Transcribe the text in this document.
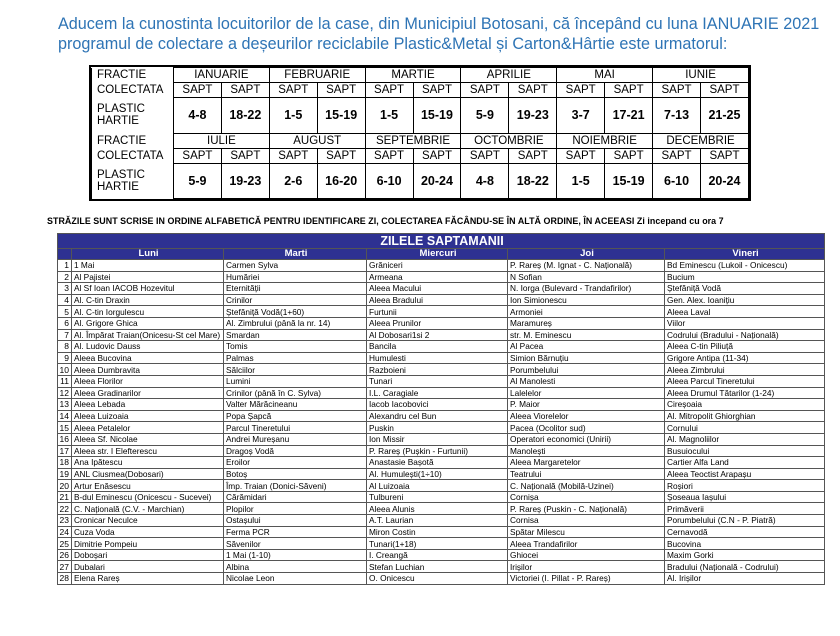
Aducem la cunostinta locuitorilor de la case, din Municipiul Botosani, că începând cu luna IANUARIE 2021

programul de colectare a deșeurilor reciclabile Plastic&Metal și Carton&Hârtie este urmatorul:

FRACTIE	IANUARIE		FEBRUARIE		MARTIE		APRILIE		MAI		IUNIE	
COLECTATA	SAPT	SAPT	SAPT	SAPT	SAPT	SAPT	SAPT	SAPT	SAPT	SAPT	SAPT	SAPT

PLASTIC
HARTIE	4-8	18-22	1-5	15-19	1-5	15-19	5-9	19-23	3-7	17-21	7-13	21-25
FRACTIE	IULIE		AUGUST		SEPTEMBRIE		OCTOMBRIE		NOIEMBRIE		DECEMBRIE	
COLECTATA	SAPT	SAPT	SAPT	SAPT	SAPT	SAPT	SAPT	SAPT	SAPT	SAPT	SAPT	SAPT

PLASTIC
HARTIE	5-9	19-23	2-6	16-20	6-10	20-24	4-8	18-22	1-5	15-19	6-10	20-24
STRĂZILE SUNT SCRISE IN ORDINE ALFABETICĂ PENTRU IDENTIFICARE ZI, COLECTAREA FĂCÂNDU-SE ÎN ALTĂ ORDINE, ÎN ACEEASI Zi incepand cu ora 7
ZILELE SAPTAMANII					
	Luni	Marti	Miercuri	Joi	Vineri
1	1 Mai	Carmen Sylva	Grăniceri	P. Rareș (M. Ignat - C. Națională)	Bd Eminescu (Lukoil - Onicescu)
2	Al Pajistei	Humăriei	Armeana	N Sofian	Bucium
3	Al Sf Ioan IACOB Hozevitul	Eternității	Aleea Macului	N. Iorga (Bulevard - Trandafirilor)	Ștefăniță Vodă
4	Al. C-tin Draxin	Crinilor	Aleea Bradului	Ion Simionescu	Gen. Alex. Ioanițiu
5	Al. C-tin Iorgulescu	Ștefăniță Vodă(1+60)	Furtunii	Armoniei	Aleea Laval
6	Al. Grigore Ghica	Al. Zimbrului (până la nr. 14)	Aleea Prunilor	Maramureș	Viilor
7	Al. Împărat Traian(Onicesu-St cel Mare)	Smardan	Al Dobosari1si 2	str. M. Eminescu	Codrului (Bradului - Națională)
8	Al. Ludovic Dauss	Tomis	Bancila	Al Pacea	Aleea C-tin Piliuță
9	Aleea Bucovina	Palmas	Humulesti	Simion Bărnuțiu	Grigore Antipa (11-34)
10	Aleea Dumbravita	Sălciilor	Razboieni	Porumbelului	Aleea Zimbrului
11	Aleea Florilor	Lumini	Tunari	Al Manolesti	Aleea Parcul Tineretului
12	Aleea Gradinarilor	Crinilor (până în C. Sylva)	I.L. Caragiale	Lalelelor	Aleea Drumul Tătarilor (1-24)
13	Aleea Lebada	Valter Mărăcineanu	Iacob Iacobovici	P. Maior	Cireșoaia
14	Aleea Luizoaia	Popa Șapcă	Alexandru cel Bun	Aleea Viorelelor	Al. Mitropolit Ghiorghian
15	Aleea Petalelor	Parcul Tineretului	Puskin	Pacea (Ocolitor sud)	Cornului
16	Aleea Sf. Nicolae	Andrei Mureșanu	Ion Missir	Operatori economici (Unirii)	Al. Magnoliilor
17	Aleea str. I Elefterescu	Dragoș Vodă	P. Rareș (Pușkin - Furtunii)	Manolești	Busuiocului
18	Ana Ipătescu	Eroilor	Anastasie Bașotă	Aleea Margaretelor	Cartier Alfa Land
19	ANL Ciusmea(Dobosari)	Botoș	Al. Humulești(1÷10)	Teatrului	Aleea Teoctist Arapașu
20	Artur Enăsescu	Împ. Traian (Donici-Săveni)	Al Luizoaia	C. Națională (Mobilă-Uzinei)	Roșiori
21	B-dul Eminescu (Onicescu - Sucevei)	Cărămidari	Tulbureni	Cornișa	Șoseaua Iașului
22	C. Națională (C.V. - Marchian)	Plopilor	Aleea Alunis	P. Rareș (Puskin - C. Națională)	Primăverii
23	Cronicar Neculce	Ostașului	A.T. Laurian	Cornisa	Porumbelului (C.N - P. Piatră)
24	Cuza Voda	Ferma PCR	Miron Costin	Spătar Milescu	Cernavodă
25	Dimitrie Pompeiu	Săvenilor	Tunari(1+18)	Aleea Trandafirilor	Bucovina
26	Doboșari	1 Mai (1-10)	I. Creangă	Ghiocei	Maxim Gorki
27	Dubalari	Albina	Stefan Luchian	Irișilor	Bradului (Națională - Codrului)
28	Elena Rareș	Nicolae Leon	O. Onicescu	Victoriei (I. Pillat - P. Rareș)	Al. Irișilor
